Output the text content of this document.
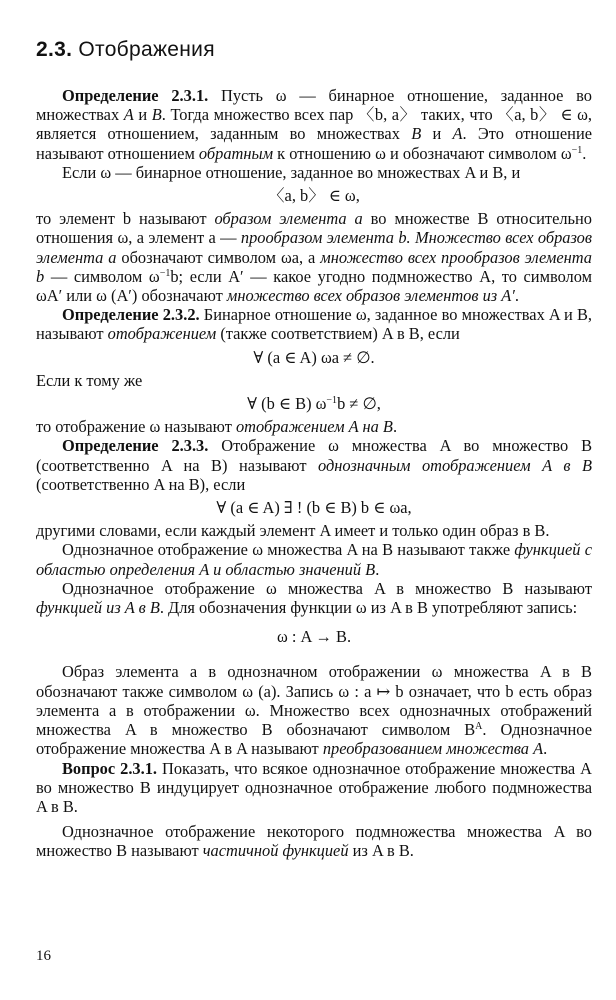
2.3. Отображения

Определение 2.3.1. Пусть ω — бинарное отношение, заданное во множествах A и B. Тогда множество всех пар 〈b, a〉 таких, что 〈a, b〉 ∈ ω, является отношением, заданным во множествах B и A. Это отношение называют отношением обратным к отношению ω и обозначают символом $\omega^{-1}$.

Если ω — бинарное отношение, заданное во множествах A и B, и

〈a, b〉 ∈ ω,

то элемент b называют образом элемента a во множестве B относительно отношения ω, а элемент a — прообразом элемента b. Множество всех образов элемента a обозначают символом ωa, а множество всех прообразов элемента b — символом $\omega^{-1}b$; если A′ — какое угодно подмножество A, то символом ωA′ или ω (A′) обозначают множество всех образов элементов из A′.

Определение 2.3.2. Бинарное отношение ω, заданное во множествах A и B, называют отображением (также соответствием) A в B, если

∀ (a ∈ A) ωa ≠ ∅.

Если к тому же

∀ (b ∈ B) $\omega^{-1}b$ ≠ ∅,

то отображение ω называют отображением A на B.

Определение 2.3.3. Отображение ω множества A во множество B (соответственно A на B) называют однозначным отображением A в B (соответственно A на B), если

∀ (a ∈ A) ∃ ! (b ∈ B) b ∈ ωa,

другими словами, если каждый элемент A имеет и только один образ в B.

Однозначное отображение ω множества A на B называют также функцией с областью определения A и областью значений B.

Однозначное отображение ω множества A в множество B называют функцией из A в B. Для обозначения функции ω из A в B употребляют запись:

ω : A → B.

Образ элемента a в однозначном отображении ω множества A в B обозначают также символом ω (a). Запись ω : a ↦ b означает, что b есть образ элемента a в отображении ω. Множество всех однозначных отображений множества A в множество B обозначают символом $B^A$. Однозначное отображение множества A в A называют преобразованием множества A.

Вопрос 2.3.1. Показать, что всякое однозначное отображение множества A во множество B индуцирует однозначное отображение любого подмножества A в B.

Однозначное отображение некоторого подмножества множества A во множество B называют частичной функцией из A в B.

16
